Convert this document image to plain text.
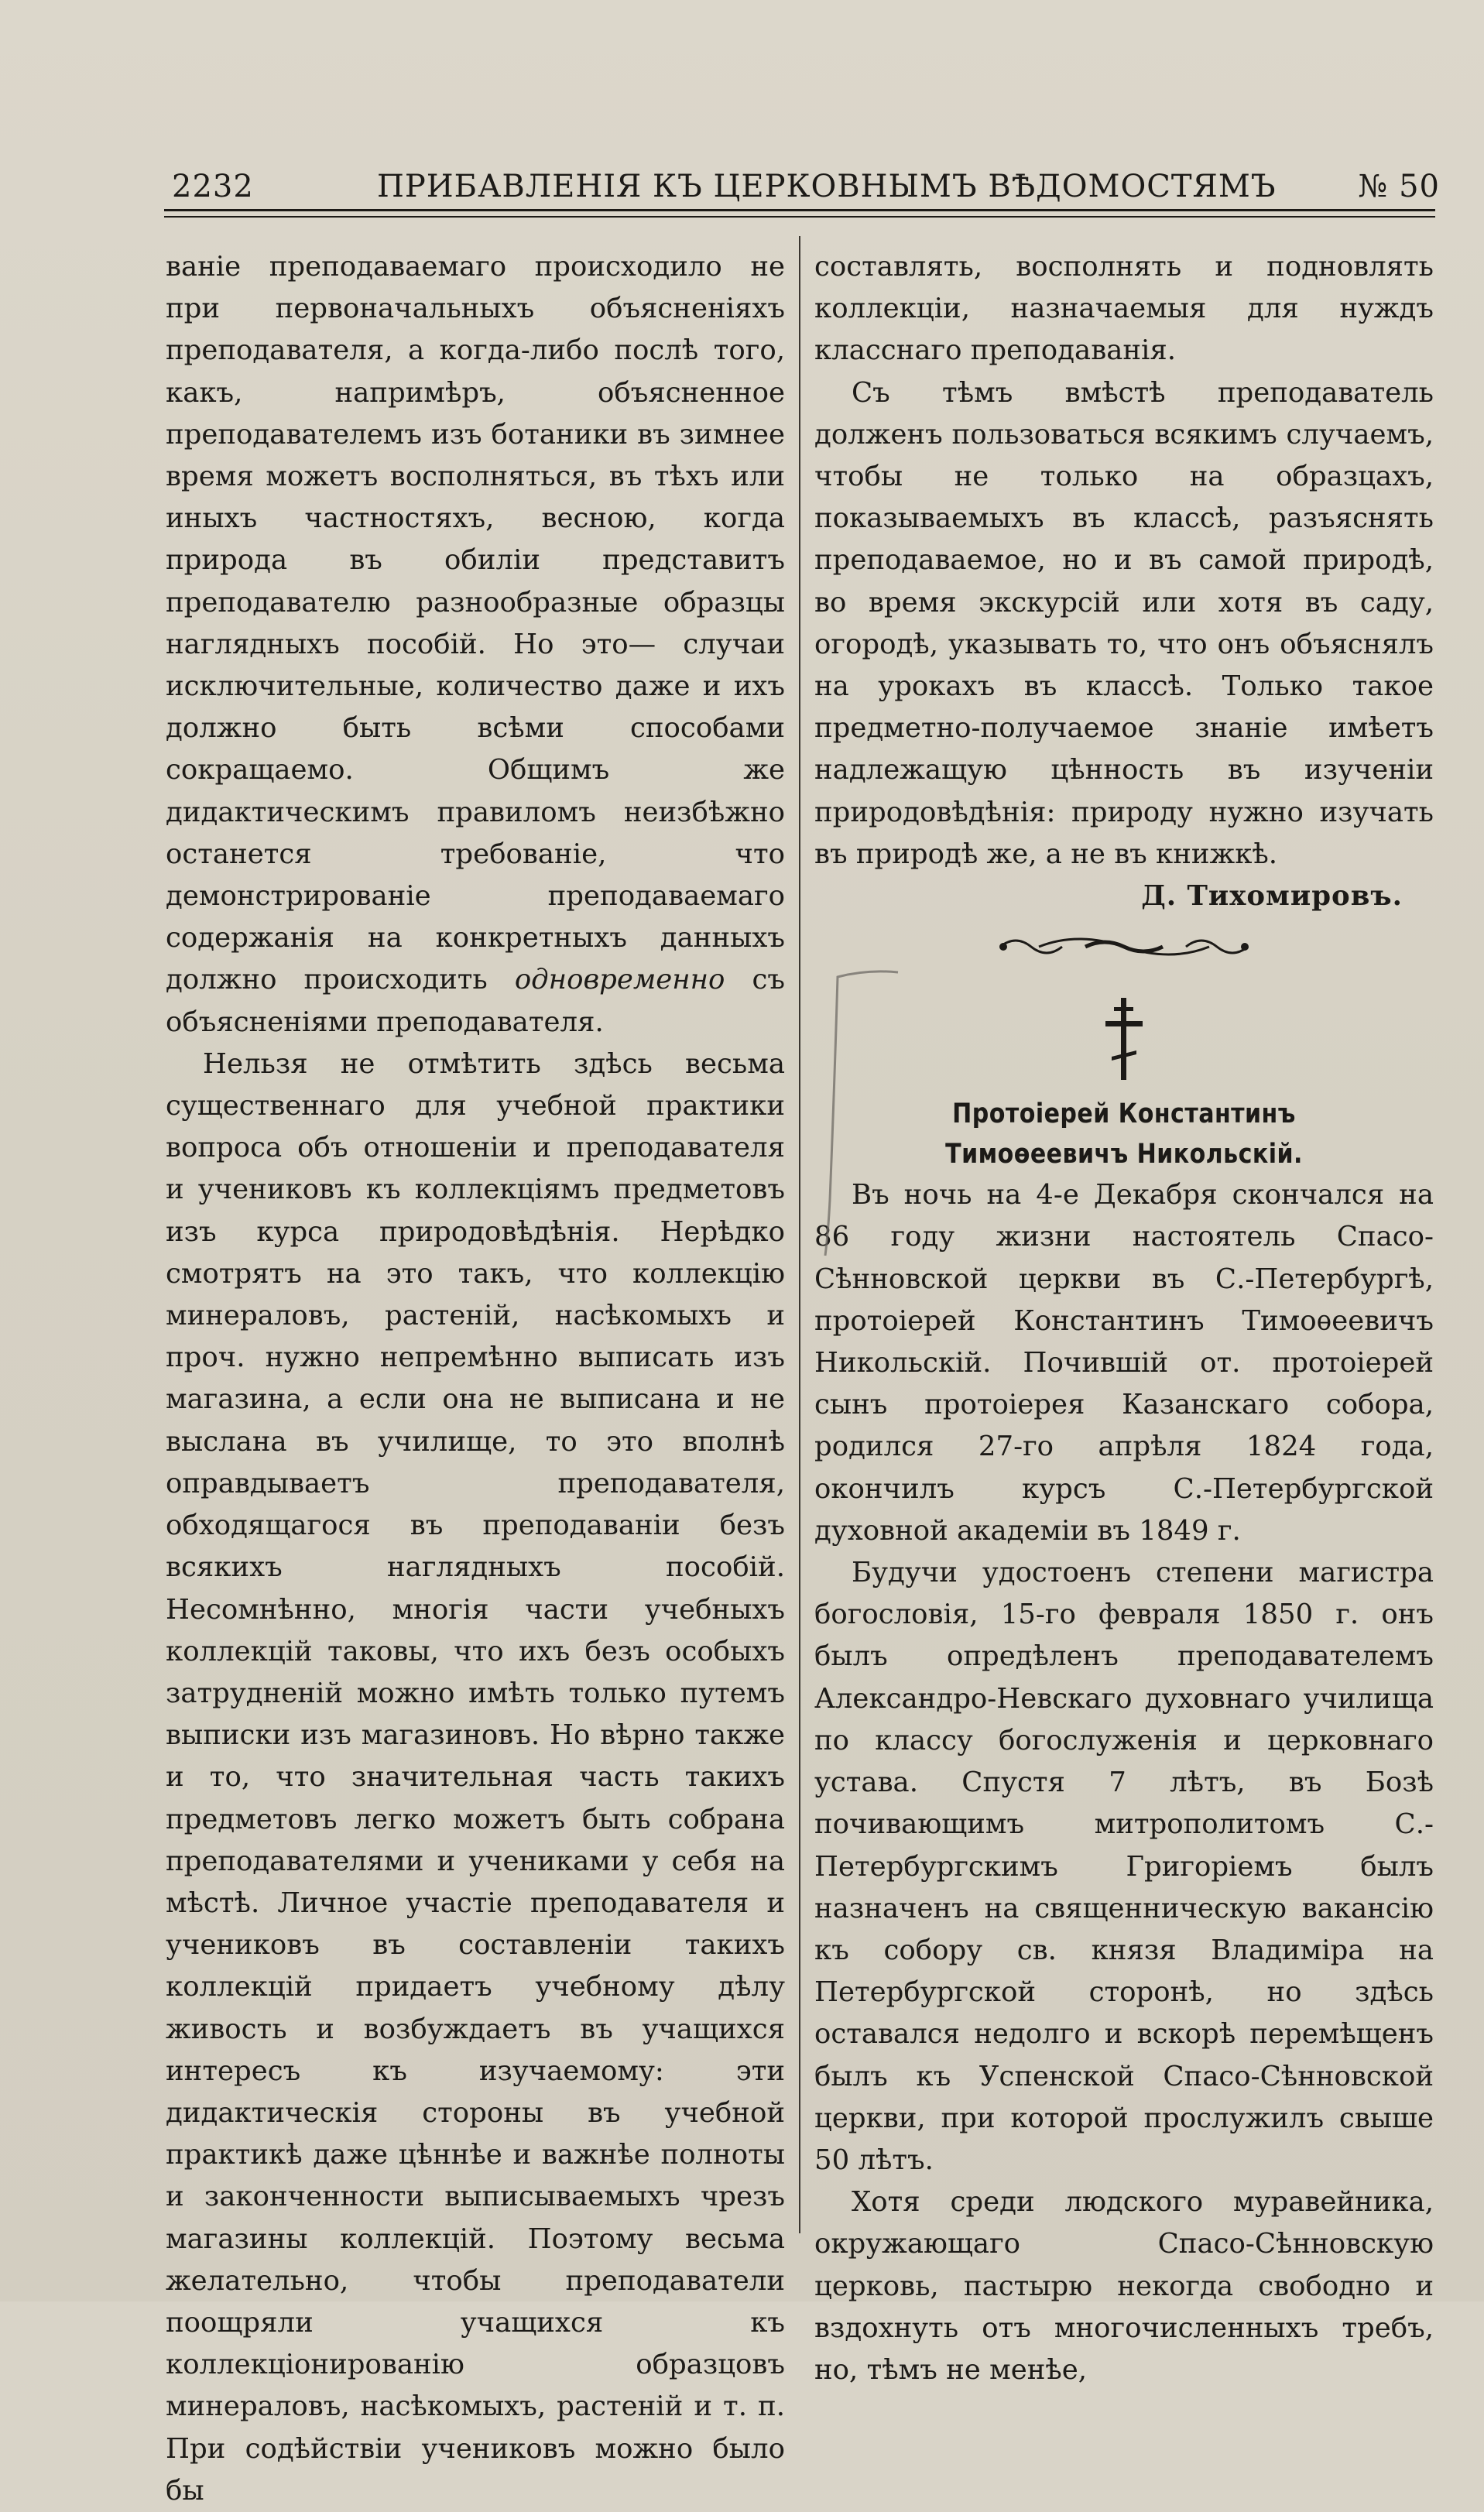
2232	ПРИБАВЛЕНІЯ КЪ ЦЕРКОВНЫМЪ ВѢДОМОСТЯМЪ	№ 50

ваніе преподаваемаго происходило не при первоначальныхъ объясненіяхъ преподавателя, а когда-либо послѣ того, какъ, напримѣръ, объясненное преподавателемъ изъ ботаники въ зимнее время можетъ восполняться, въ тѣхъ или иныхъ частностяхъ, весною, когда природа въ обиліи представитъ преподавателю разнообразные образцы наглядныхъ пособій. Но это— случаи исключительные, количество даже и ихъ должно быть всѣми способами сокращаемо. Общимъ же дидактическимъ правиломъ неизбѣжно останется требованіе, что демонстрированіе преподаваемаго содержанія на конкретныхъ данныхъ должно происходить одновременно съ объясненіями преподавателя.

Нельзя не отмѣтить здѣсь весьма существеннаго для учебной практики вопроса объ отношеніи и преподавателя и учениковъ къ коллекціямъ предметовъ изъ курса природовѣдѣнія. Нерѣдко смотрятъ на это такъ, что коллекцію минераловъ, растеній, насѣкомыхъ и проч. нужно непремѣнно выписать изъ магазина, а если она не выписана и не выслана въ училище, то это вполнѣ оправдываетъ преподавателя, обходящагося въ преподаваніи безъ всякихъ наглядныхъ пособій. Несомнѣнно, многія части учебныхъ коллекцій таковы, что ихъ безъ особыхъ затрудненій можно имѣть только путемъ выписки изъ магазиновъ. Но вѣрно также и то, что значительная часть такихъ предметовъ легко можетъ быть собрана преподавателями и учениками у себя на мѣстѣ. Личное участіе преподавателя и учениковъ въ составленіи такихъ коллекцій придаетъ учебному дѣлу живость и возбуждаетъ въ учащихся интересъ къ изучаемому: эти дидактическія стороны въ учебной практикѣ даже цѣннѣе и важнѣе полноты и законченности выписываемыхъ чрезъ магазины коллекцій. Поэтому весьма желательно, чтобы преподаватели поощряли учащихся къ коллекціонированію образцовъ минераловъ, насѣкомыхъ, растеній и т. п. При содѣйствіи учениковъ можно было бы

составлять, восполнять и подновлять коллекціи, назначаемыя для нуждъ класснаго преподаванія.

Съ тѣмъ вмѣстѣ преподаватель долженъ пользоваться всякимъ случаемъ, чтобы не только на образцахъ, показываемыхъ въ классѣ, разъяснять преподаваемое, но и въ самой природѣ, во время экскурсій или хотя въ саду, огородѣ, указывать то, что онъ объяснялъ на урокахъ въ классѣ. Только такое предметно-получаемое знаніе имѣетъ надлежащую цѣнность въ изученіи природовѣдѣнія: природу нужно изучать въ природѣ же, а не въ книжкѣ.

Д. Тихомировъ.

Протоіерей Константинъ Тимоѳеевичъ Никольскій.

Въ ночь на 4-е Декабря скончался на 86 году жизни настоятель Спасо-Сѣнновской церкви въ С.-Петербургѣ, протоіерей Константинъ Тимоѳеевичъ Никольскій. Почившій от. протоіерей сынъ протоіерея Казанскаго собора, родился 27-го апрѣля 1824 года, окончилъ курсъ С.-Петербургской духовной академіи въ 1849 г.

Будучи удостоенъ степени магистра богословія, 15-го февраля 1850 г. онъ былъ опредѣленъ преподавателемъ Александро-Невскаго духовнаго училища по классу богослуженія и церковнаго устава. Спустя 7 лѣтъ, въ Бозѣ почивающимъ митрополитомъ С.-Петербургскимъ Григоріемъ былъ назначенъ на священническую вакансію къ собору св. князя Владиміра на Петербургской сторонѣ, но здѣсь оставался недолго и вскорѣ перемѣщенъ былъ къ Успенской Спасо-Сѣнновской церкви, при которой прослужилъ свыше 50 лѣтъ.

Хотя среди людского муравейника, окружающаго Спасо-Сѣнновскую церковь, пастырю некогда свободно и вздохнуть отъ многочисленныхъ требъ, но, тѣмъ не менѣе,
